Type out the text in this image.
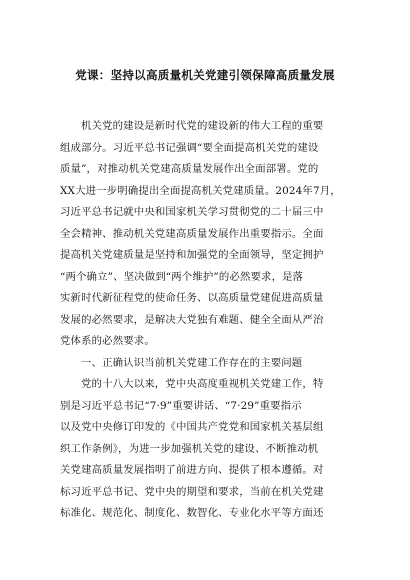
党课：坚持以高质量机关党建引领保障高质量发展
机关党的建设是新时代党的建设新的伟大工程的重要
组成部分。习近平总书记强调“要全面提高机关党的建设
质量”，对推动机关党建高质量发展作出全面部署。党的
XX大进一步明确提出全面提高机关党建质量。2024年7月，
习近平总书记就中央和国家机关学习贯彻党的二十届三中
全会精神、推动机关党建高质量发展作出重要指示。全面
提高机关党建质量是坚持和加强党的全面领导，坚定拥护
“两个确立”、坚决做到“两个维护”的必然要求，是落
实新时代新征程党的使命任务、以高质量党建促进高质量
发展的必然要求，是解决大党独有难题、健全全面从严治
党体系的必然要求。
一、正确认识当前机关党建工作存在的主要问题
党的十八大以来，党中央高度重视机关党建工作，特
别是习近平总书记“7·9”重要讲话、“7·29”重要指示
以及党中央修订印发的《中国共产党党和国家机关基层组
织工作条例》，为进一步加强机关党的建设、不断推动机
关党建高质量发展指明了前进方向、提供了根本遵循。对
标习近平总书记、党中央的期望和要求，当前在机关党建
标准化、规范化、制度化、数智化、专业化水平等方面还
